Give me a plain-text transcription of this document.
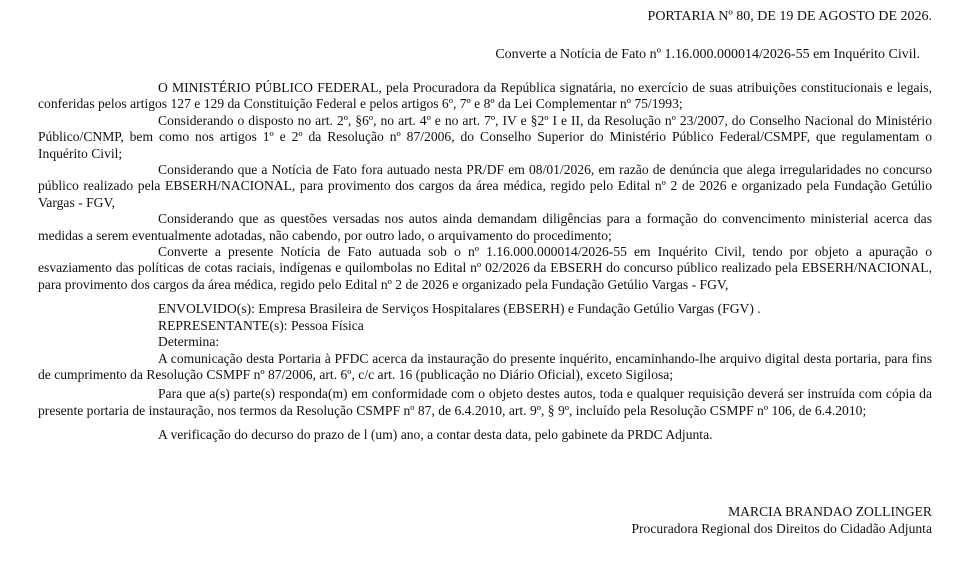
PORTARIA Nº 80, DE 19 DE AGOSTO DE 2026.
Converte a Notícia de Fato nº 1.16.000.000014/2026-55 em Inquérito Civil.

O MINISTÉRIO PÚBLICO FEDERAL, pela Procuradora da República signatária, no exercício de suas atribuições constitucionais e legais, conferidas pelos artigos 127 e 129 da Constituição Federal e pelos artigos 6º, 7º e 8º da Lei Complementar nº 75/1993;

Considerando o disposto no art. 2º, §6º, no art. 4º e no art. 7º, IV e §2º I e II, da Resolução nº 23/2007, do Conselho Nacional do Ministério Público/CNMP, bem como nos artigos 1º e 2º da Resolução nº 87/2006, do Conselho Superior do Ministério Público Federal/CSMPF, que regulamentam o Inquérito Civil;

Considerando que a Notícia de Fato fora autuado nesta PR/DF em 08/01/2026, em razão de denúncia que alega irregularidades no concurso público realizado pela EBSERH/NACIONAL, para provimento dos cargos da área médica, regido pelo Edital nº 2 de 2026 e organizado pela Fundação Getúlio Vargas - FGV,

Considerando que as questões versadas nos autos ainda demandam diligências para a formação do convencimento ministerial acerca das medidas a serem eventualmente adotadas, não cabendo, por outro lado, o arquivamento do procedimento;

Converte a presente Notícia de Fato autuada sob o nº 1.16.000.000014/2026-55 em Inquérito Civil, tendo por objeto a apuração o esvaziamento das políticas de cotas raciais, indígenas e quilombolas no Edital nº 02/2026 da EBSERH do concurso público realizado pela EBSERH/NACIONAL, para provimento dos cargos da área médica, regido pelo Edital nº 2 de 2026 e organizado pela Fundação Getúlio Vargas - FGV,

ENVOLVIDO(s): Empresa Brasileira de Serviços Hospitalares (EBSERH) e Fundação Getúlio Vargas (FGV) .

REPRESENTANTE(s): Pessoa Física

Determina:

A comunicação desta Portaria à PFDC acerca da instauração do presente inquérito, encaminhando-lhe arquivo digital desta portaria, para fins de cumprimento da Resolução CSMPF nº 87/2006, art. 6º, c/c art. 16 (publicação no Diário Oficial), exceto Sigilosa;

Para que a(s) parte(s) responda(m) em conformidade com o objeto destes autos, toda e qualquer requisição deverá ser instruída com cópia da presente portaria de instauração, nos termos da Resolução CSMPF nº 87, de 6.4.2010, art. 9º, § 9º, incluído pela Resolução CSMPF nº 106, de 6.4.2010;

A verificação do decurso do prazo de l (um) ano, a contar desta data, pelo gabinete da PRDC Adjunta.

MARCIA BRANDAO ZOLLINGER
Procuradora Regional dos Direitos do Cidadão Adjunta
